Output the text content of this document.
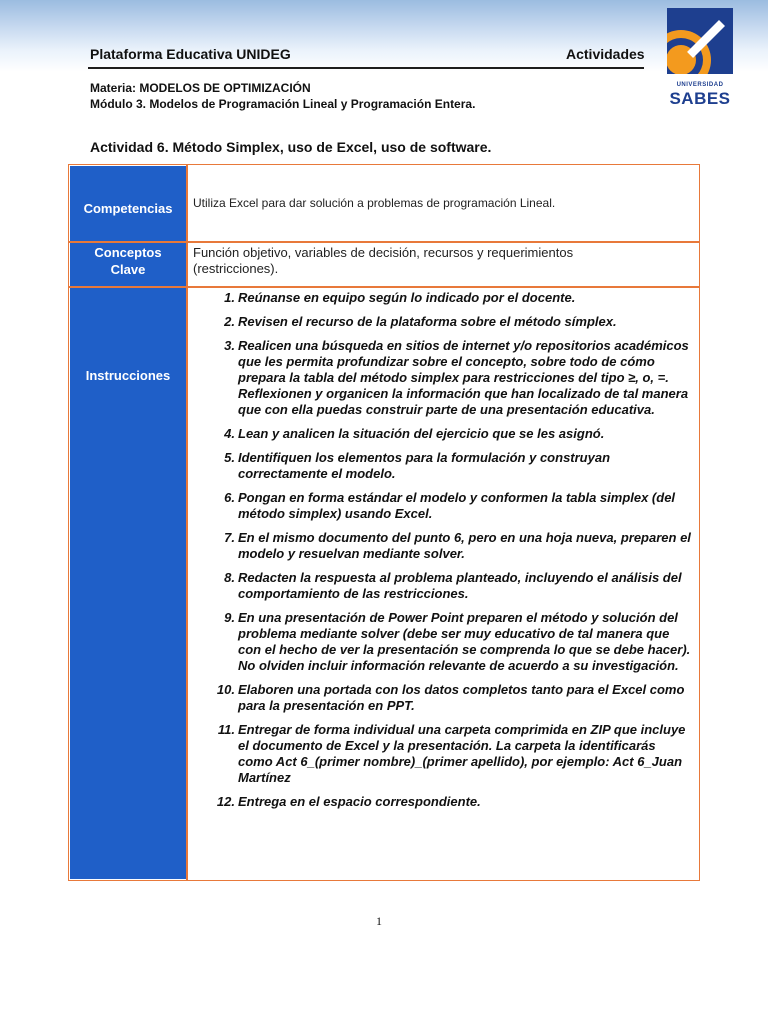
Plataforma Educativa UNIDEG	Actividades
UNIVERSIDAD
SABES
Materia: MODELOS DE OPTIMIZACIÓN
Módulo 3. Modelos de Programación Lineal y Programación Entera.
Actividad 6. Método Simplex, uso de Excel, uso de software.
Competencias	Utiliza Excel para dar solución a problemas de programación Lineal.
Conceptos Clave
Función objetivo, variables de decisión, recursos y requerimientos (restricciones).
Instrucciones
1. Reúnanse en equipo según lo indicado por el docente.
2. Revisen el recurso de la plataforma sobre el método símplex.
3. Realicen una búsqueda en sitios de internet y/o repositorios académicos que les permita profundizar sobre el concepto, sobre todo de cómo prepara la tabla del método simplex para restricciones del tipo ≥, o, =. Reflexionen y organicen la información que han localizado de tal manera que con ella puedas construir parte de una presentación educativa.
4. Lean y analicen la situación del ejercicio que se les asignó.
5. Identifiquen los elementos para la formulación y construyan correctamente el modelo.
6. Pongan en forma estándar el modelo y conformen la tabla simplex (del método simplex) usando Excel.
7. En el mismo documento del punto 6, pero en una hoja nueva, preparen el modelo y resuelvan mediante solver.
8. Redacten la respuesta al problema planteado, incluyendo el análisis del comportamiento de las restricciones.
9. En una presentación de Power Point preparen el método y solución del problema mediante solver (debe ser muy educativo de tal manera que con el hecho de ver la presentación se comprenda lo que se debe hacer). No olviden incluir información relevante de acuerdo a su investigación.
10. Elaboren una portada con los datos completos tanto para el Excel como para la presentación en PPT.
11. Entregar de forma individual una carpeta comprimida en ZIP que incluye el documento de Excel y la presentación. La carpeta la identificarás como Act 6_(primer nombre)_(primer apellido), por ejemplo: Act 6_Juan Martínez
12. Entrega en el espacio correspondiente.
1
